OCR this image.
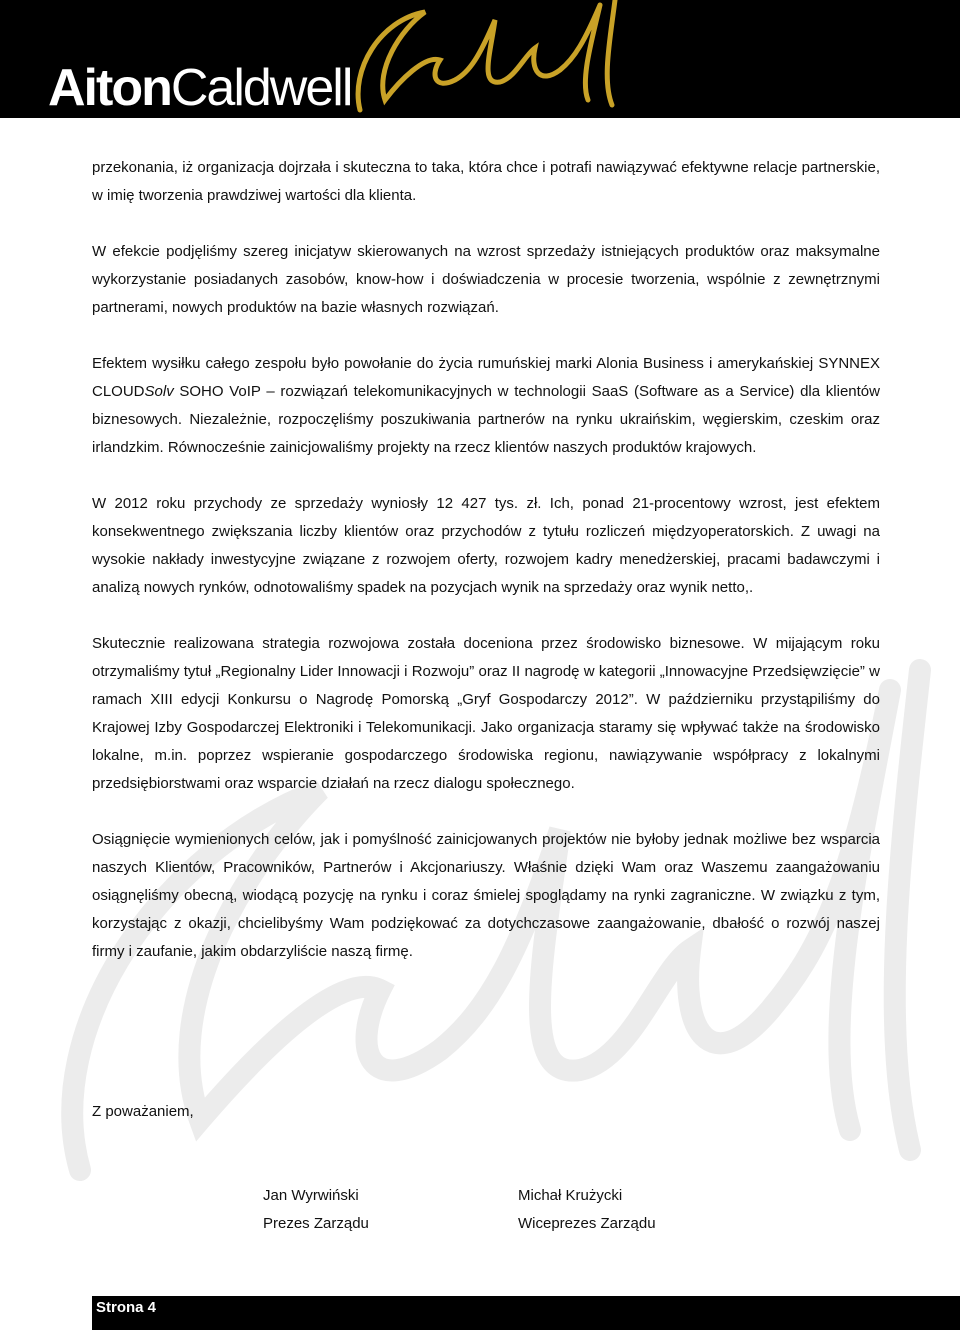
AitonCaldwell

przekonania, iż organizacja dojrzała i skuteczna to taka, która chce i potrafi nawiązywać efektywne relacje partnerskie, w imię tworzenia prawdziwej wartości dla klienta.

W efekcie podjęliśmy szereg inicjatyw skierowanych na wzrost sprzedaży istniejących produktów oraz maksymalne wykorzystanie posiadanych zasobów, know-how i doświadczenia w procesie tworzenia, wspólnie z zewnętrznymi partnerami, nowych produktów na bazie własnych rozwiązań.

Efektem wysiłku całego zespołu było powołanie do życia rumuńskiej marki Alonia Business i amerykańskiej SYNNEX CLOUDSolv SOHO VoIP – rozwiązań telekomunikacyjnych w technologii SaaS (Software as a Service) dla klientów biznesowych. Niezależnie, rozpoczęliśmy poszukiwania partnerów na rynku ukraińskim, węgierskim, czeskim oraz irlandzkim. Równocześnie zainicjowaliśmy projekty na rzecz klientów naszych produktów krajowych.

W 2012 roku przychody ze sprzedaży wyniosły 12 427 tys. zł. Ich, ponad 21-procentowy wzrost, jest efektem konsekwentnego zwiększania liczby klientów oraz przychodów z tytułu rozliczeń międzyoperatorskich. Z uwagi na wysokie nakłady inwestycyjne związane z rozwojem oferty, rozwojem kadry menedżerskiej, pracami badawczymi i analizą nowych rynków, odnotowaliśmy spadek na pozycjach wynik na sprzedaży oraz wynik netto,.

Skutecznie realizowana strategia rozwojowa została doceniona przez środowisko biznesowe. W mijającym roku otrzymaliśmy tytuł „Regionalny Lider Innowacji i Rozwoju” oraz II nagrodę w kategorii „Innowacyjne Przedsięwzięcie” w ramach XIII edycji Konkursu o Nagrodę Pomorską „Gryf Gospodarczy 2012”. W październiku przystąpiliśmy do Krajowej Izby Gospodarczej Elektroniki i Telekomunikacji. Jako organizacja staramy się wpływać także na środowisko lokalne, m.in. poprzez wspieranie gospodarczego środowiska regionu, nawiązywanie współpracy z lokalnymi przedsiębiorstwami oraz wsparcie działań na rzecz dialogu społecznego.

Osiągnięcie wymienionych celów, jak i pomyślność zainicjowanych projektów nie byłoby jednak możliwe bez wsparcia naszych Klientów, Pracowników, Partnerów i Akcjonariuszy. Właśnie dzięki Wam oraz Waszemu zaangażowaniu osiągnęliśmy obecną, wiodącą pozycję na rynku i coraz śmielej spoglądamy na rynki zagraniczne. W związku z tym, korzystając z okazji, chcielibyśmy Wam podziękować za dotychczasowe zaangażowanie, dbałość o rozwój naszej firmy i zaufanie, jakim obdarzyliście naszą firmę.

Z poważaniem,
Jan Wyrwiński
Prezes Zarządu
Michał Krużycki
Wiceprezes Zarządu
Strona 4
